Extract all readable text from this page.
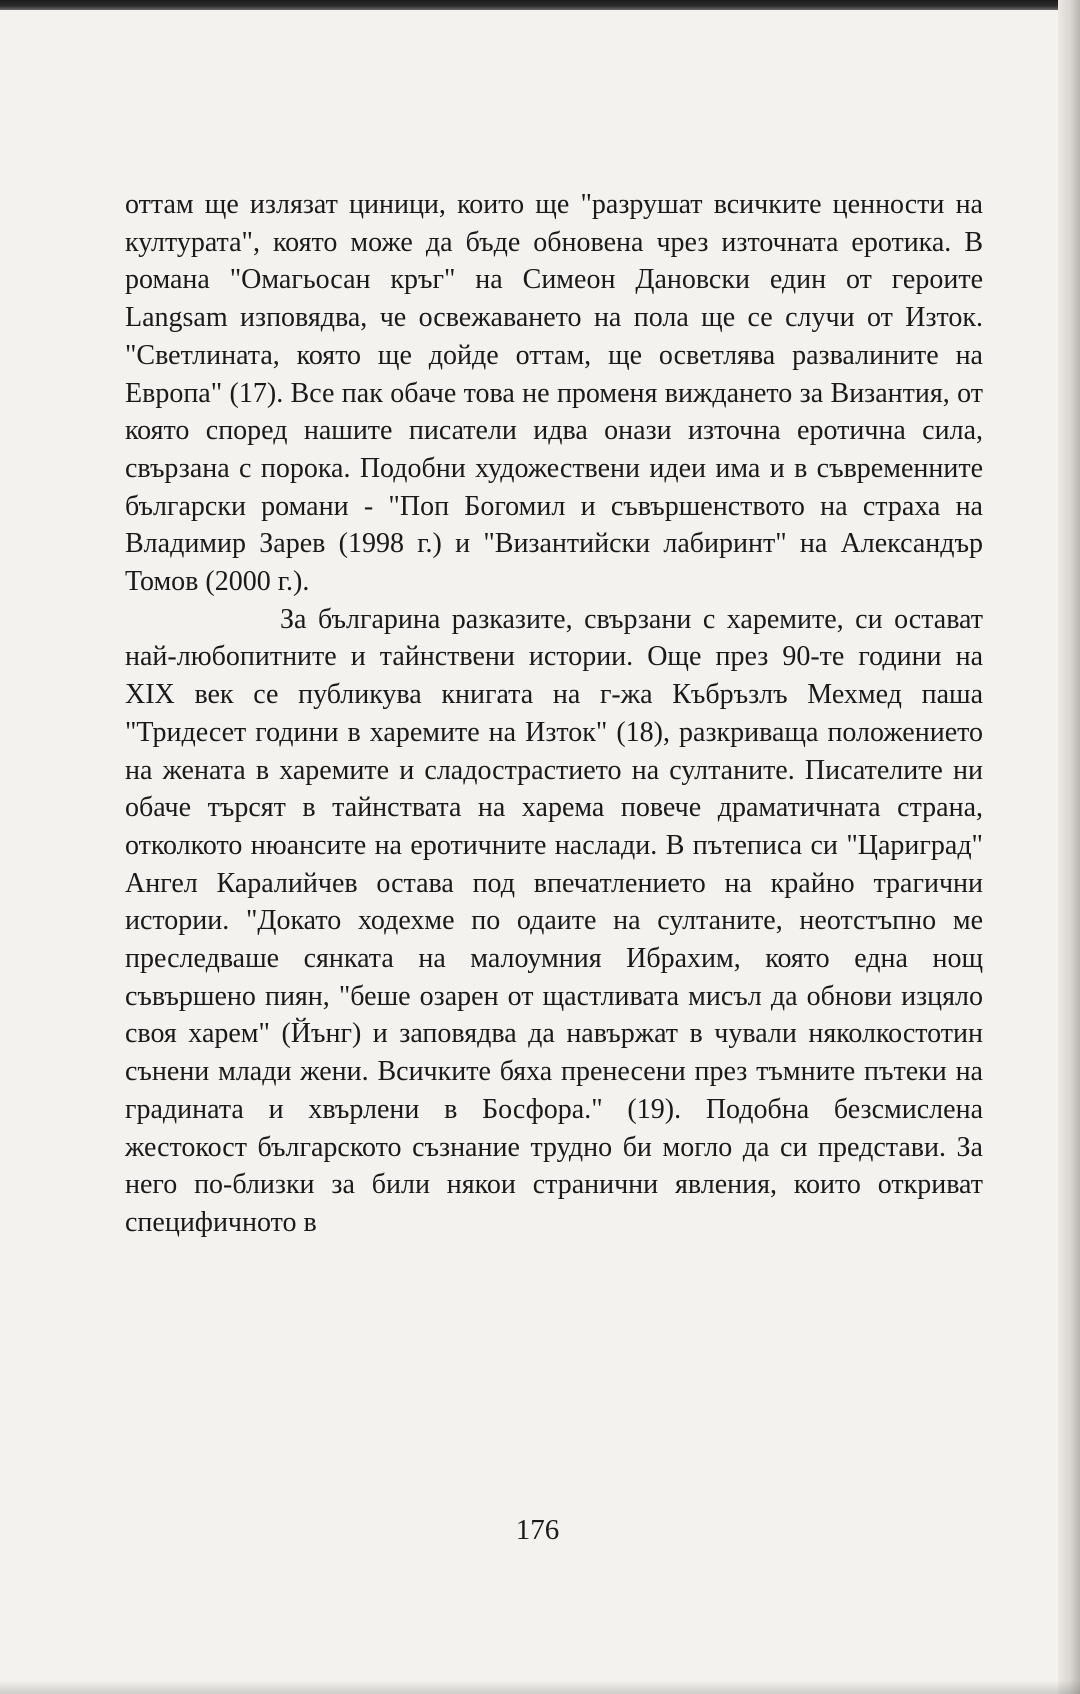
оттам ще излязат циници, които ще "разрушат всичките ценности на културата", която може да бъде обновена чрез източната еротика. В романа "Омагьосан кръг" на Симеон Дановски един от героите Langsam изповядва, че освежаването на пола ще се случи от Изток. "Светлината, която ще дойде оттам, ще осветлява развалините на Европа" (17). Все пак обаче това не променя виждането за Византия, от която според нашите писатели идва онази източна еротична сила, свързана с порока. Подобни художествени идеи има и в съвременните български романи - "Поп Богомил и съвършенството на страха на Владимир Зарев (1998 г.) и "Византийски лабиринт" на Александър Томов (2000 г.).

За българина разказите, свързани с харемите, си остават най-любопитните и тайнствени истории. Още през 90-те години на XIX век се публикува книгата на г-жа Къбръзлъ Мехмед паша "Тридесет години в харемите на Изток" (18), разкриваща положението на жената в харемите и сладострастието на султаните. Писателите ни обаче търсят в тайнствата на харема повече драматичната страна, отколкото нюансите на еротичните наслади. В пътеписа си "Цариград" Ангел Каралийчев остава под впечатлението на крайно трагични истории. "Докато ходехме по одаите на султаните, неотстъпно ме преследваше сянката на малоумния Ибрахим, която една нощ съвършено пиян, "беше озарен от щастливата мисъл да обнови изцяло своя харем" (Йънг) и заповядва да навържат в чували няколкостотин сънени млади жени. Всичките бяха пренесени през тъмните пътеки на градината и хвърлени в Босфора." (19). Подобна безсмислена жестокост българското съзнание трудно би могло да си представи. За него по-близки за били някои странични явления, които откриват специфичното в

176
